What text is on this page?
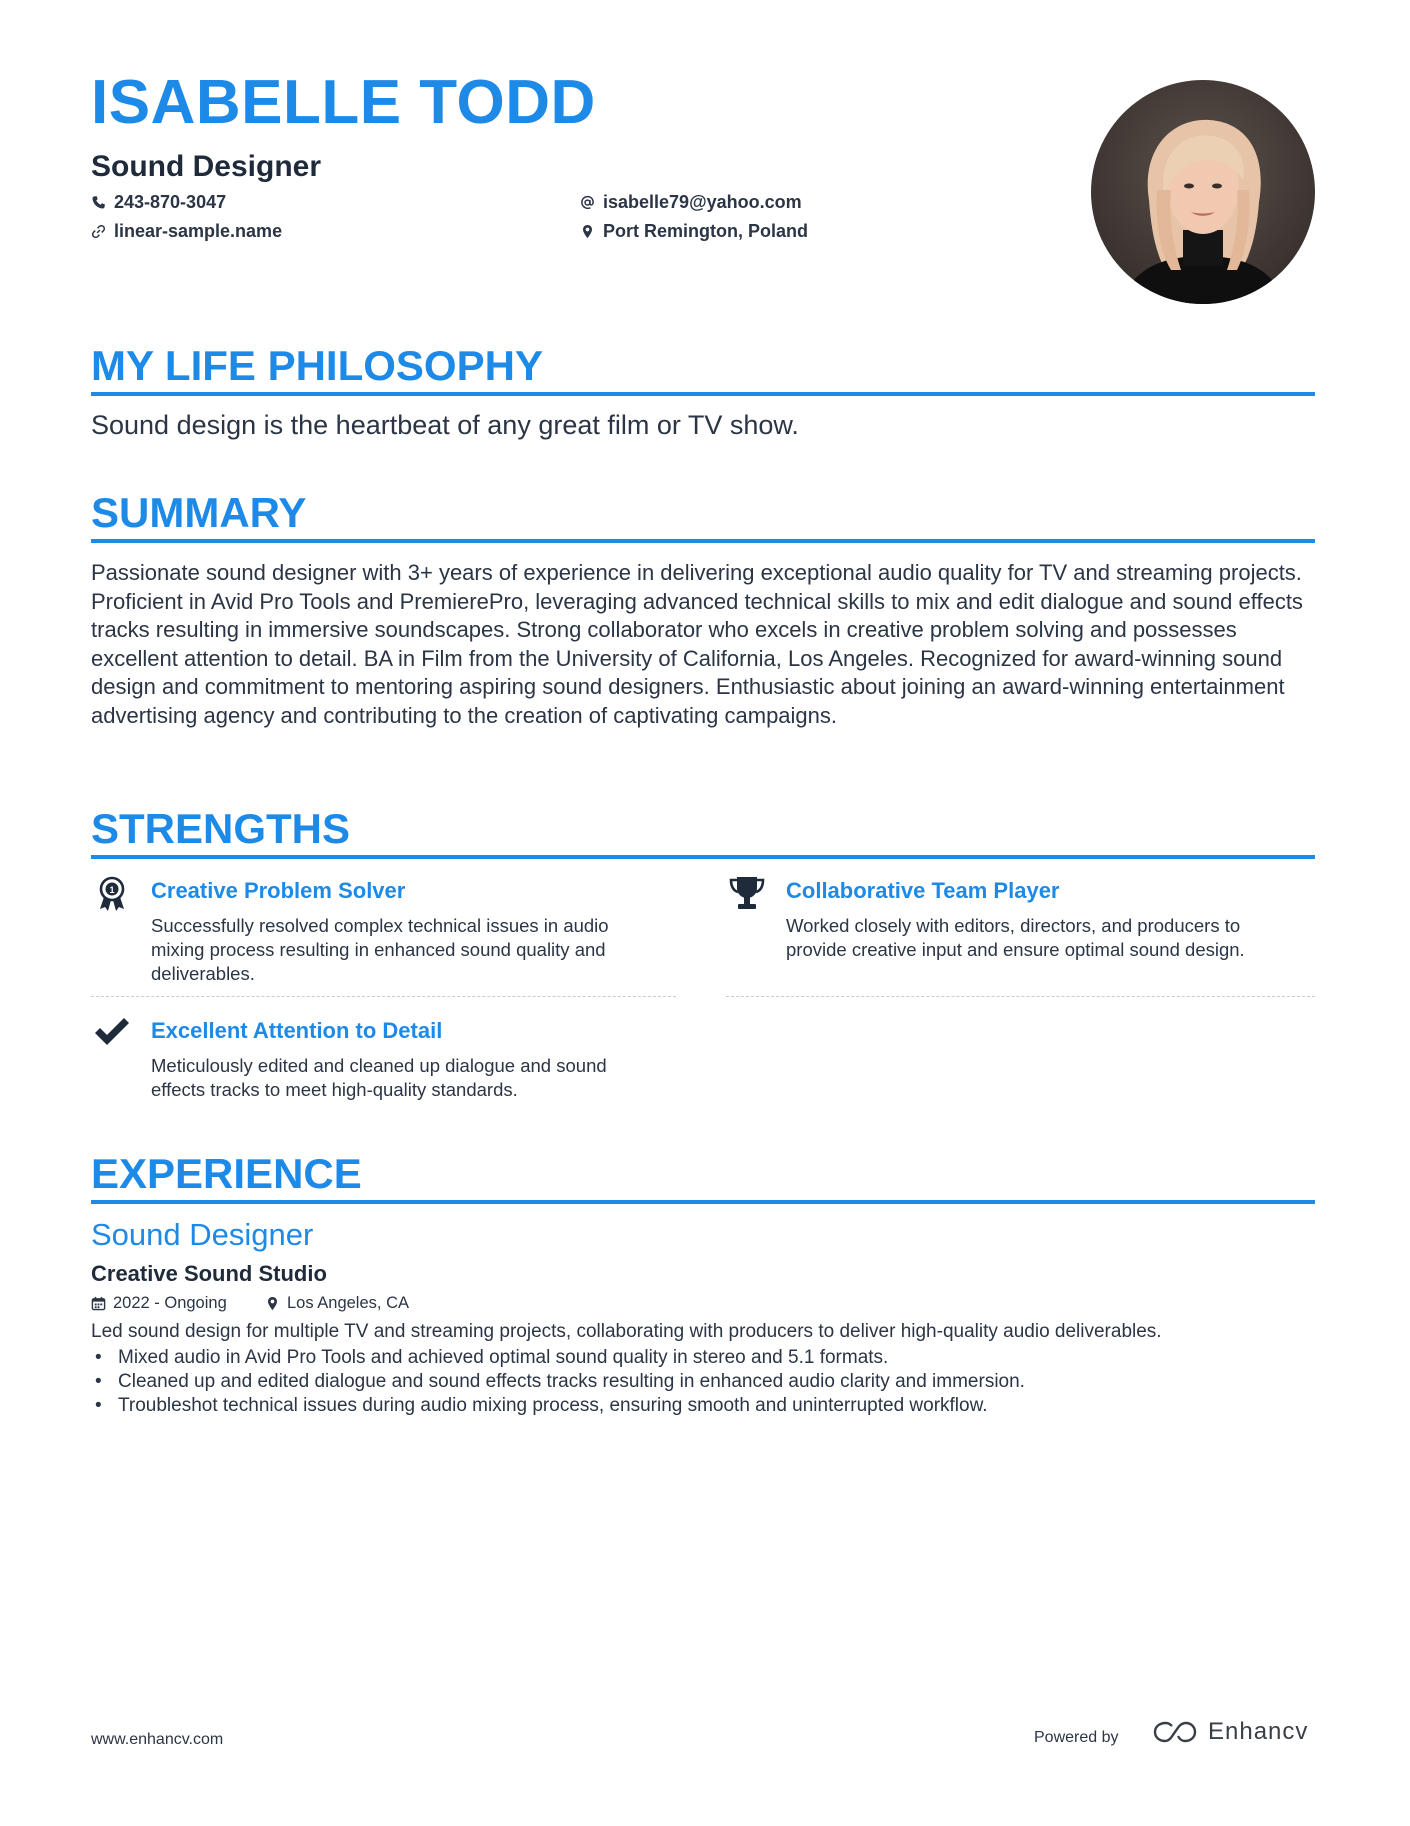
ISABELLE TODD
Sound Designer
243-870-3047
linear-sample.name
isabelle79@yahoo.com
Port Remington, Poland
MY LIFE PHILOSOPHY
Sound design is the heartbeat of any great film or TV show.
SUMMARY
Passionate sound designer with 3+ years of experience in delivering exceptional audio quality for TV and streaming projects. Proficient in Avid Pro Tools and PremierePro, leveraging advanced technical skills to mix and edit dialogue and sound effects tracks resulting in immersive soundscapes. Strong collaborator who excels in creative problem solving and possesses excellent attention to detail. BA in Film from the University of California, Los Angeles. Recognized for award-winning sound design and commitment to mentoring aspiring sound designers. Enthusiastic about joining an award-winning entertainment advertising agency and contributing to the creation of captivating campaigns.
STRENGTHS
1 Creative Problem Solver
Successfully resolved complex technical issues in audio mixing process resulting in enhanced sound quality and deliverables.
Collaborative Team Player
Worked closely with editors, directors, and producers to provide creative input and ensure optimal sound design.
Excellent Attention to Detail
Meticulously edited and cleaned up dialogue and sound effects tracks to meet high-quality standards.
EXPERIENCE
Sound Designer
Creative Sound Studio
2022 - Ongoing	Los Angeles, CA
Led sound design for multiple TV and streaming projects, collaborating with producers to deliver high-quality audio deliverables.
• Mixed audio in Avid Pro Tools and achieved optimal sound quality in stereo and 5.1 formats.
• Cleaned up and edited dialogue and sound effects tracks resulting in enhanced audio clarity and immersion.
• Troubleshot technical issues during audio mixing process, ensuring smooth and uninterrupted workflow.
www.enhancv.com	Powered by	Enhancv
